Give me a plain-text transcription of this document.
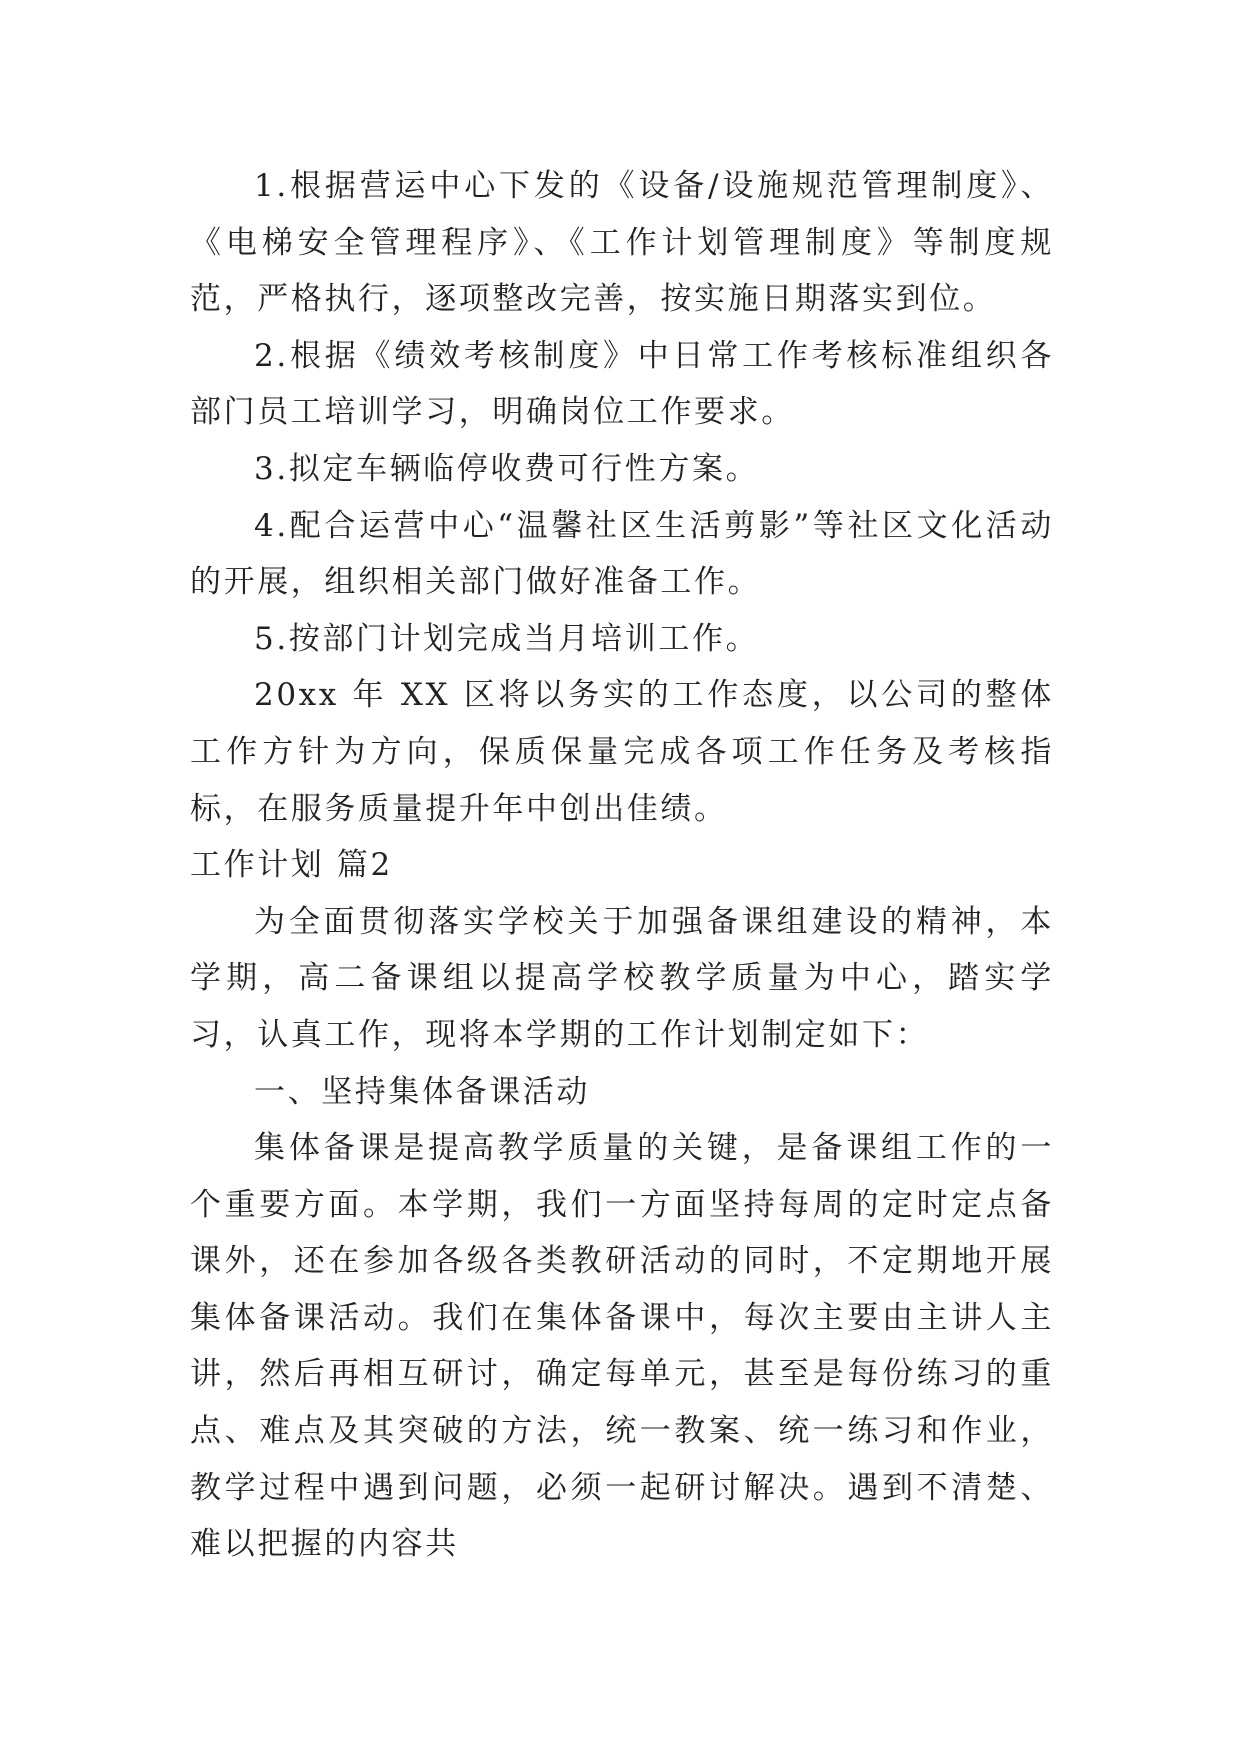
1.根据营运中心下发的《设备/设施规范管理制度》、《电梯安全管理程序》、《工作计划管理制度》等制度规范，严格执行，逐项整改完善，按实施日期落实到位。

2.根据《绩效考核制度》中日常工作考核标准组织各部门员工培训学习，明确岗位工作要求。

3.拟定车辆临停收费可行性方案。

4.配合运营中心“温馨社区生活剪影”等社区文化活动的开展，组织相关部门做好准备工作。

5.按部门计划完成当月培训工作。

20xx 年 XX 区将以务实的工作态度，以公司的整体工作方针为方向，保质保量完成各项工作任务及考核指标，在服务质量提升年中创出佳绩。

工作计划 篇2

为全面贯彻落实学校关于加强备课组建设的精神，本学期，高二备课组以提高学校教学质量为中心，踏实学习，认真工作，现将本学期的工作计划制定如下：

一、坚持集体备课活动

集体备课是提高教学质量的关键，是备课组工作的一个重要方面。本学期，我们一方面坚持每周的定时定点备课外，还在参加各级各类教研活动的同时，不定期地开展集体备课活动。我们在集体备课中，每次主要由主讲人主讲，然后再相互研讨，确定每单元，甚至是每份练习的重点、难点及其突破的方法，统一教案、统一练习和作业，教学过程中遇到问题，必须一起研讨解决。遇到不清楚、难以把握的内容共
